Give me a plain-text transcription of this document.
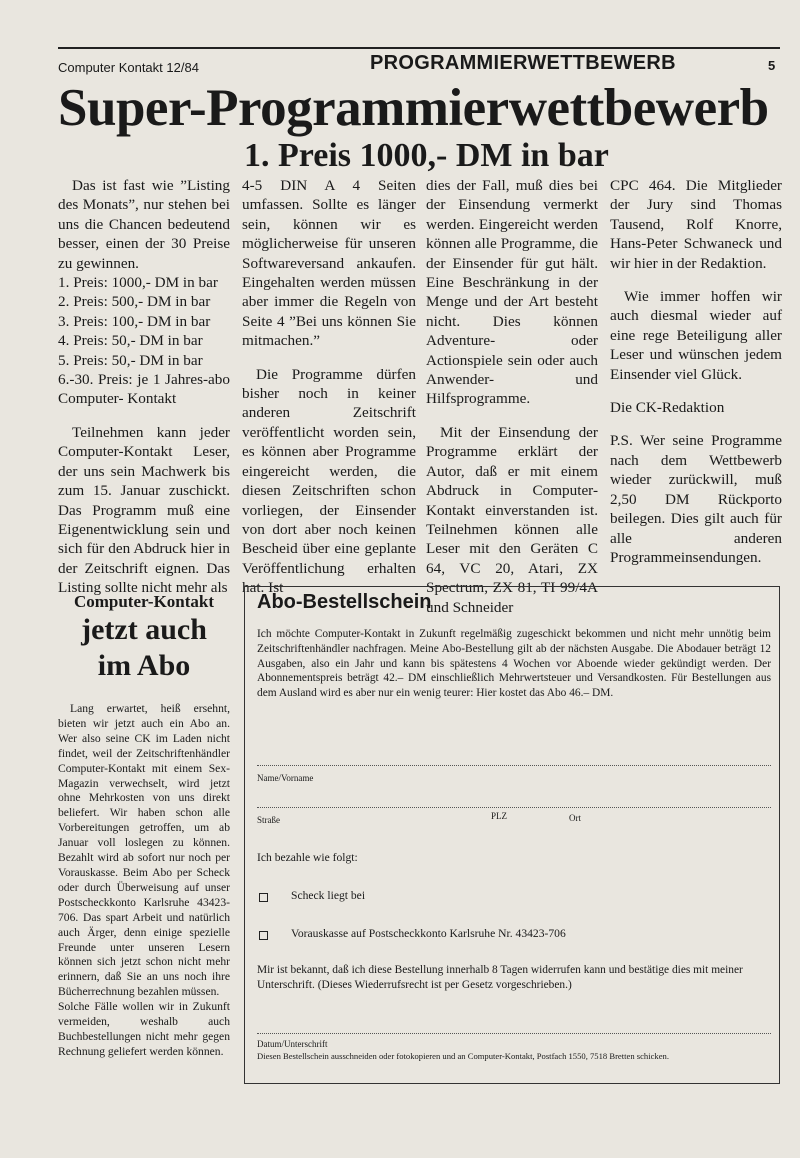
Computer Kontakt 12/84	PROGRAMMIERWETTBEWERB	5
Super-Programmierwettbewerb
1. Preis 1000,- DM in bar

Das ist fast wie ”Listing des Monats”, nur stehen bei uns die Chancen bedeutend besser, einen der 30 Preise zu gewinnen.

1. Preis: 1000,- DM in bar

2. Preis: 500,- DM in bar

3. Preis: 100,- DM in bar

4. Preis: 50,- DM in bar

5. Preis: 50,- DM in bar

6.-30. Preis: je 1 Jahres-abo Computer- Kontakt

Teilnehmen kann jeder Computer-Kontakt Leser, der uns sein Machwerk bis zum 15. Januar zuschickt. Das Programm muß eine Eigenentwicklung sein und sich für den Abdruck hier in der Zeitschrift eignen. Das Listing sollte nicht mehr als

4-5 DIN A 4 Seiten umfassen. Sollte es länger sein, können wir es möglicherweise für unseren Softwareversand ankaufen. Eingehalten werden müssen aber immer die Regeln von Seite 4 ”Bei uns können Sie mitmachen.”

Die Programme dürfen bisher noch in keiner anderen Zeitschrift veröffentlicht worden sein, es können aber Programme eingereicht werden, die diesen Zeitschriften schon vorliegen, der Einsender von dort aber noch keinen Bescheid über eine geplante Veröffentlichung erhalten hat. Ist

dies der Fall, muß dies bei der Einsendung vermerkt werden. Eingereicht werden können alle Programme, die der Einsender für gut hält. Eine Beschränkung in der Menge und der Art besteht nicht. Dies können Adventure- oder Actionspiele sein oder auch Anwender- und Hilfsprogramme.

Mit der Einsendung der Programme erklärt der Autor, daß er mit einem Abdruck in Computer-Kontakt einverstanden ist. Teilnehmen können alle Leser mit den Geräten C 64, VC 20, Atari, ZX Spectrum, ZX 81, TI 99/4A und Schneider

CPC 464. Die Mitglieder der Jury sind Thomas Tausend, Rolf Knorre, Hans-Peter Schwaneck und wir hier in der Redaktion.

Wie immer hoffen wir auch diesmal wieder auf eine rege Beteiligung aller Leser und wünschen jedem Einsender viel Glück.

Die CK-Redaktion

P.S. Wer seine Programme nach dem Wettbewerb wieder zurückwill, muß 2,50 DM Rückporto beilegen. Dies gilt auch für alle anderen Programmeinsendungen.

Computer-Kontakt
jetzt auch
im Abo

Lang erwartet, heiß ersehnt, bieten wir jetzt auch ein Abo an. Wer also seine CK im Laden nicht findet, weil der Zeitschriftenhändler Computer-Kontakt mit einem Sex-Magazin verwechselt, wird jetzt ohne Mehrkosten von uns direkt beliefert. Wir haben schon alle Vorbereitungen getroffen, um ab Januar voll loslegen zu können. Bezahlt wird ab sofort nur noch per Vorauskasse. Beim Abo per Scheck oder durch Überweisung auf unser Postscheckkonto Karlsruhe 43423-706. Das spart Arbeit und natürlich auch Ärger, denn einige spezielle Freunde unter unseren Lesern können sich jetzt schon nicht mehr erinnern, daß Sie an uns noch ihre Bücherrechnung bezahlen müssen.

Solche Fälle wollen wir in Zukunft vermeiden, weshalb auch Buchbestellungen nicht mehr gegen Rechnung geliefert werden können.

Abo-Bestellschein
Ich möchte Computer-Kontakt in Zukunft regelmäßig zugeschickt bekommen und nicht mehr unnötig beim Zeitschriftenhändler nachfragen. Meine Abo-Bestellung gilt ab der nächsten Ausgabe. Die Abodauer beträgt 12 Ausgaben, also ein Jahr und kann bis spätestens 4 Wochen vor Aboende wieder gekündigt werden. Der Abonnementspreis beträgt 42.– DM einschließlich Mehrwertsteuer und Versandkosten. Für Bestellungen aus dem Ausland wird es aber nur ein wenig teurer: Hier kostet das Abo 46.– DM.
Name/Vorname
Straße	PLZ	Ort
Ich bezahle wie folgt:
Scheck liegt bei
Vorauskasse auf Postscheckkonto Karlsruhe Nr. 43423-706
Mir ist bekannt, daß ich diese Bestellung innerhalb 8 Tagen widerrufen kann und bestätige dies mit meiner Unterschrift. (Dieses Wiederrufsrecht ist per Gesetz vorgeschrieben.)
Datum/Unterschrift
Diesen Bestellschein ausschneiden oder fotokopieren und an Computer-Kontakt, Postfach 1550, 7518 Bretten schicken.
